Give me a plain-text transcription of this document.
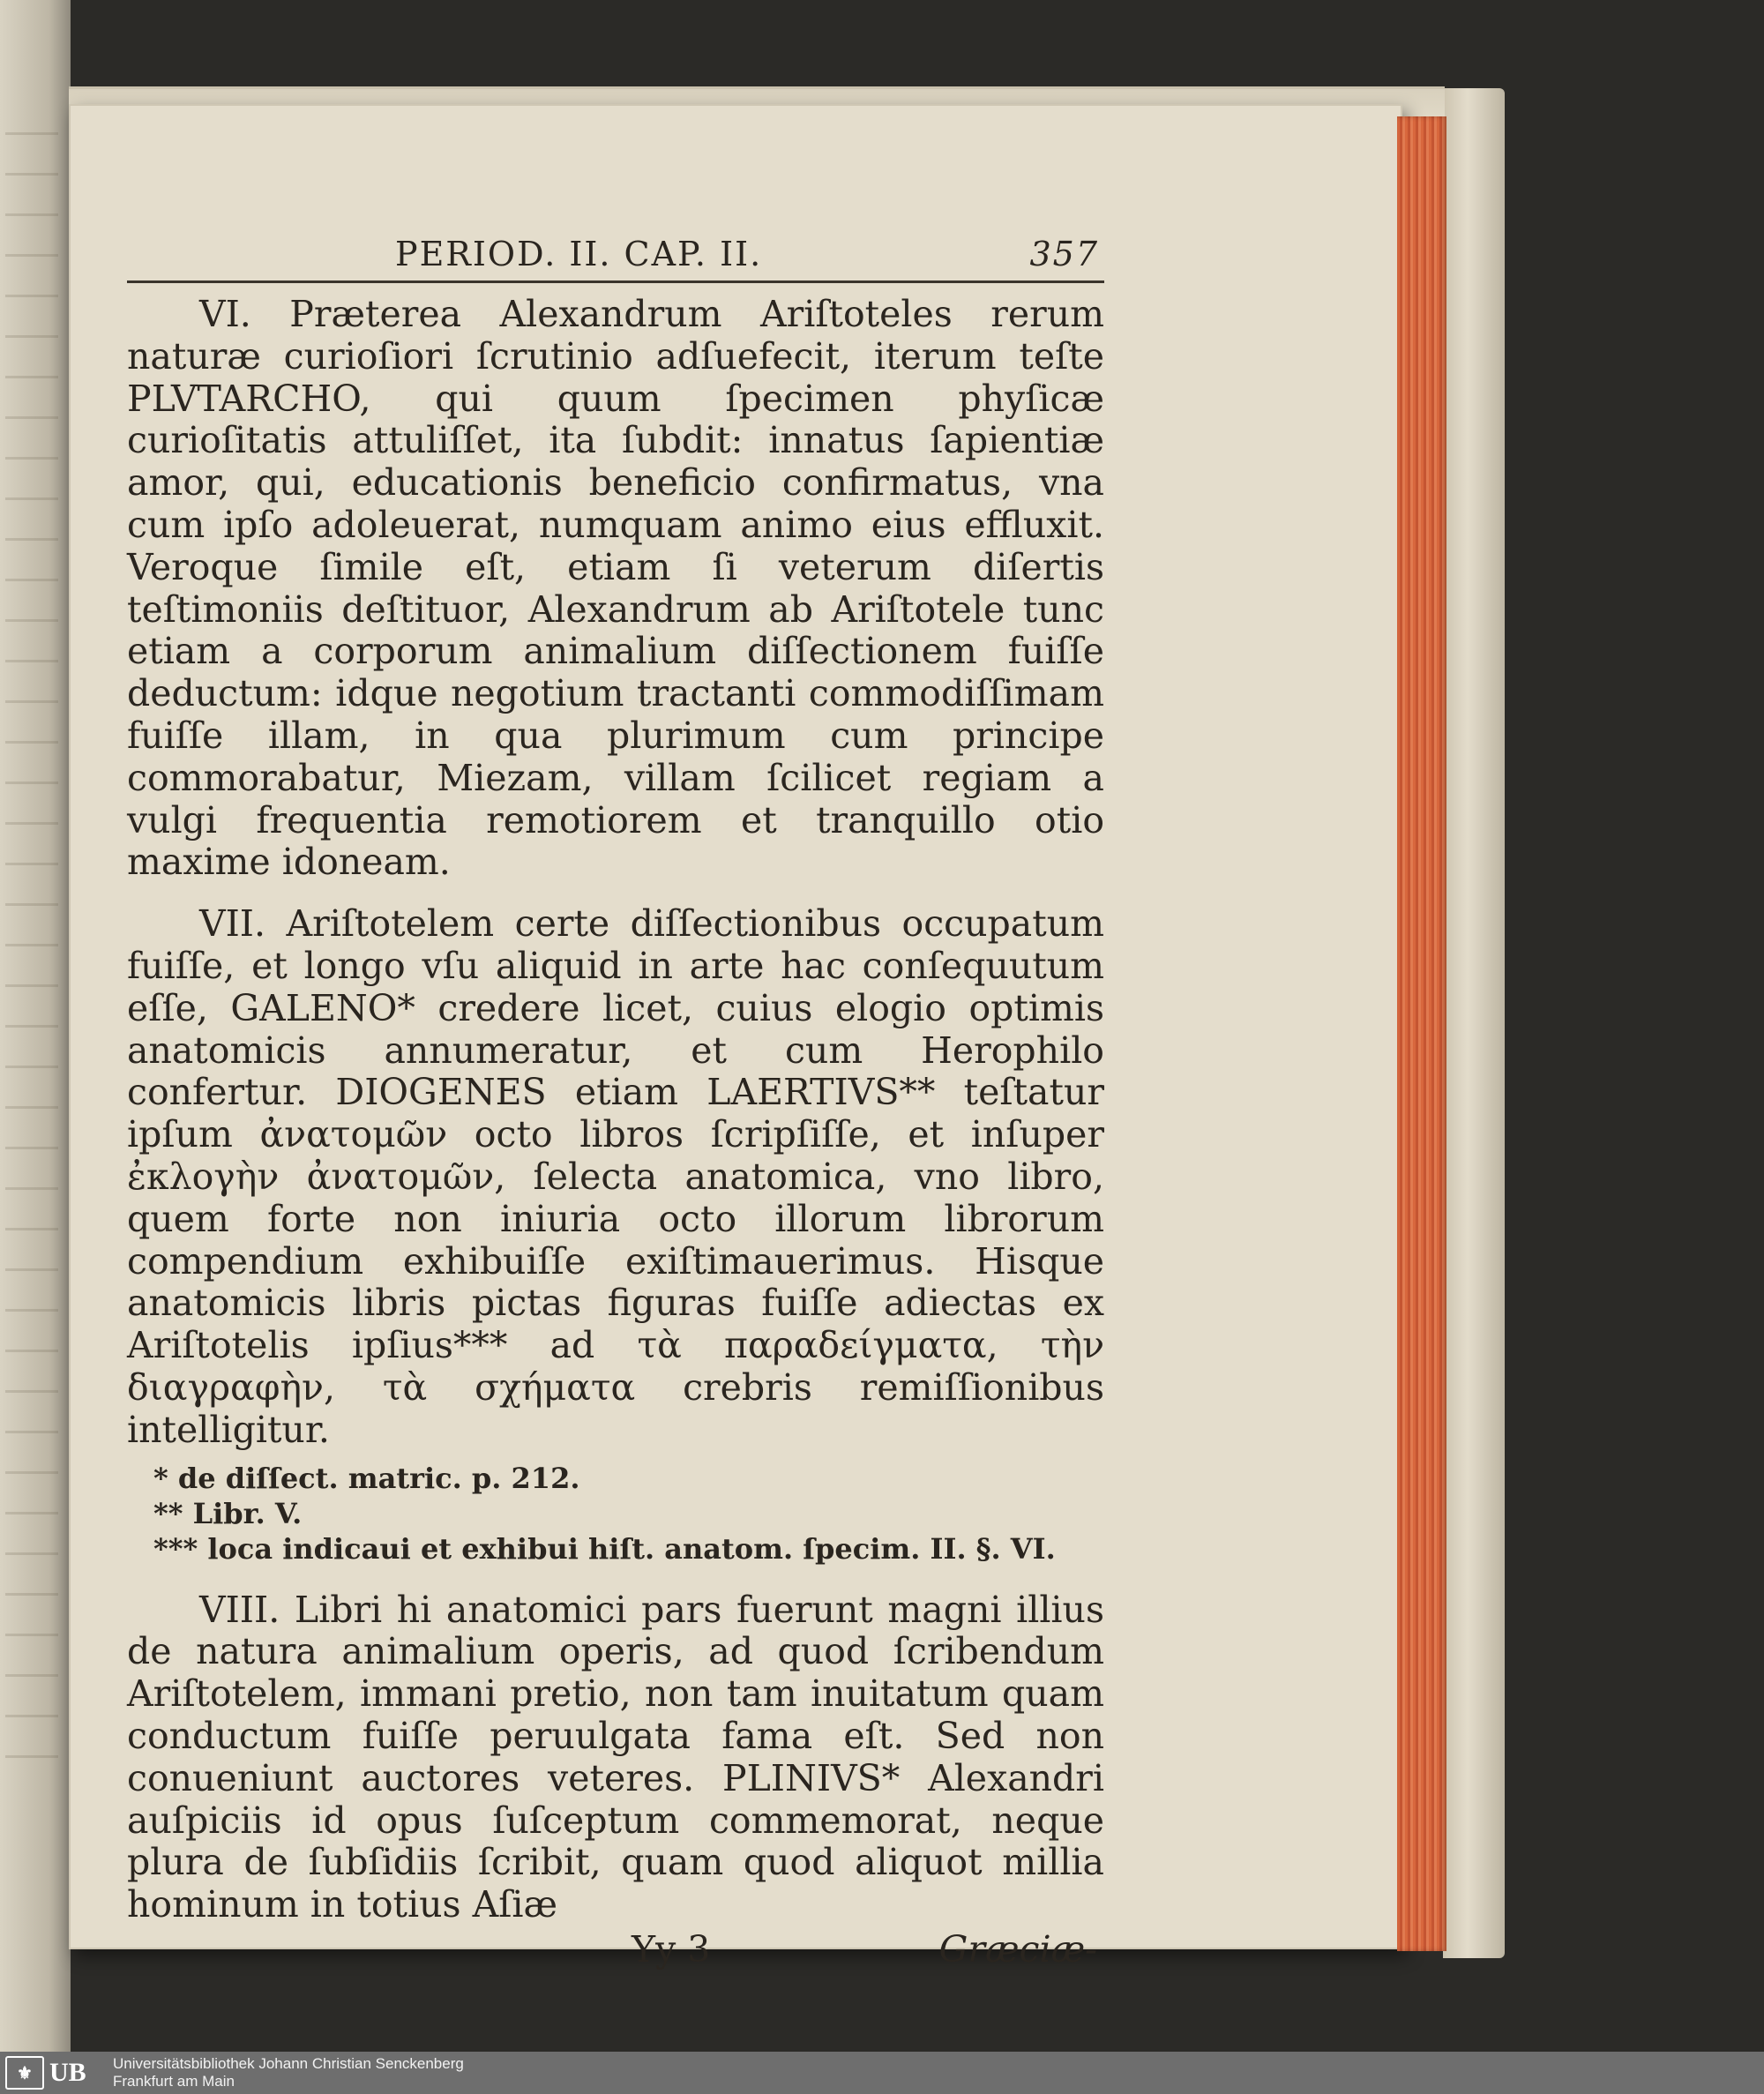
PERIOD. II. CAP. II.	357

VI. Præterea Alexandrum Ariſtoteles rerum naturæ curioſiori ſcrutinio adſuefecit, iterum teſte PLVTARCHO, qui quum ſpecimen phyſicæ curioſitatis attuliſſet, ita ſubdit: innatus ſapientiæ amor, qui, educationis beneficio confirmatus, vna cum ipſo adoleuerat, numquam animo eius effluxit. Veroque ſimile eſt, etiam ſi veterum diſertis teſtimoniis deſtituor, Alexandrum ab Ariſtotele tunc etiam a corporum animalium diſſectionem fuiſſe deductum: idque negotium tractanti commodiſſimam fuiſſe illam, in qua plurimum cum principe commorabatur, Miezam, villam ſcilicet regiam a vulgi frequentia remotiorem et tranquillo otio maxime idoneam.

VII. Ariſtotelem certe diſſectionibus occupatum fuiſſe, et longo vſu aliquid in arte hac conſequutum eſſe, GALENO* credere licet, cuius elogio optimis anatomicis annumeratur, et cum Herophilo confertur. DIOGENES etiam LAERTIVS** teſtatur ipſum ἀνατομῶν octo libros ſcripſiſſe, et inſuper ἐκλογὴν ἀνατομῶν, ſelecta anatomica, vno libro, quem forte non iniuria octo illorum librorum compendium exhibuiſſe exiſtimauerimus. Hisque anatomicis libris pictas figuras fuiſſe adiectas ex Ariſtotelis ipſius*** ad τὰ παραδείγματα, τὴν διαγραφὴν, τὰ σχήματα crebris remiſſionibus intelligitur.

* de diſſect. matric. p. 212.
** Libr. V.
*** loca indicaui et exhibui hiſt. anatom. ſpecim. II. §. VI.

VIII. Libri hi anatomici pars fuerunt magni illius de natura animalium operis, ad quod ſcribendum Ariſtotelem, immani pretio, non tam inuitatum quam conductum fuiſſe peruulgata fama eſt. Sed non conueniunt auctores veteres. PLINIVS* Alexandri auſpiciis id opus ſuſceptum commemorat, neque plura de ſubſidiis ſcribit, quam quod aliquot millia hominum in totius Aſiæ

Yy 3	Græciæ-
⚜ UB Universitätsbibliothek Johann Christian Senckenberg
Frankfurt am Main
